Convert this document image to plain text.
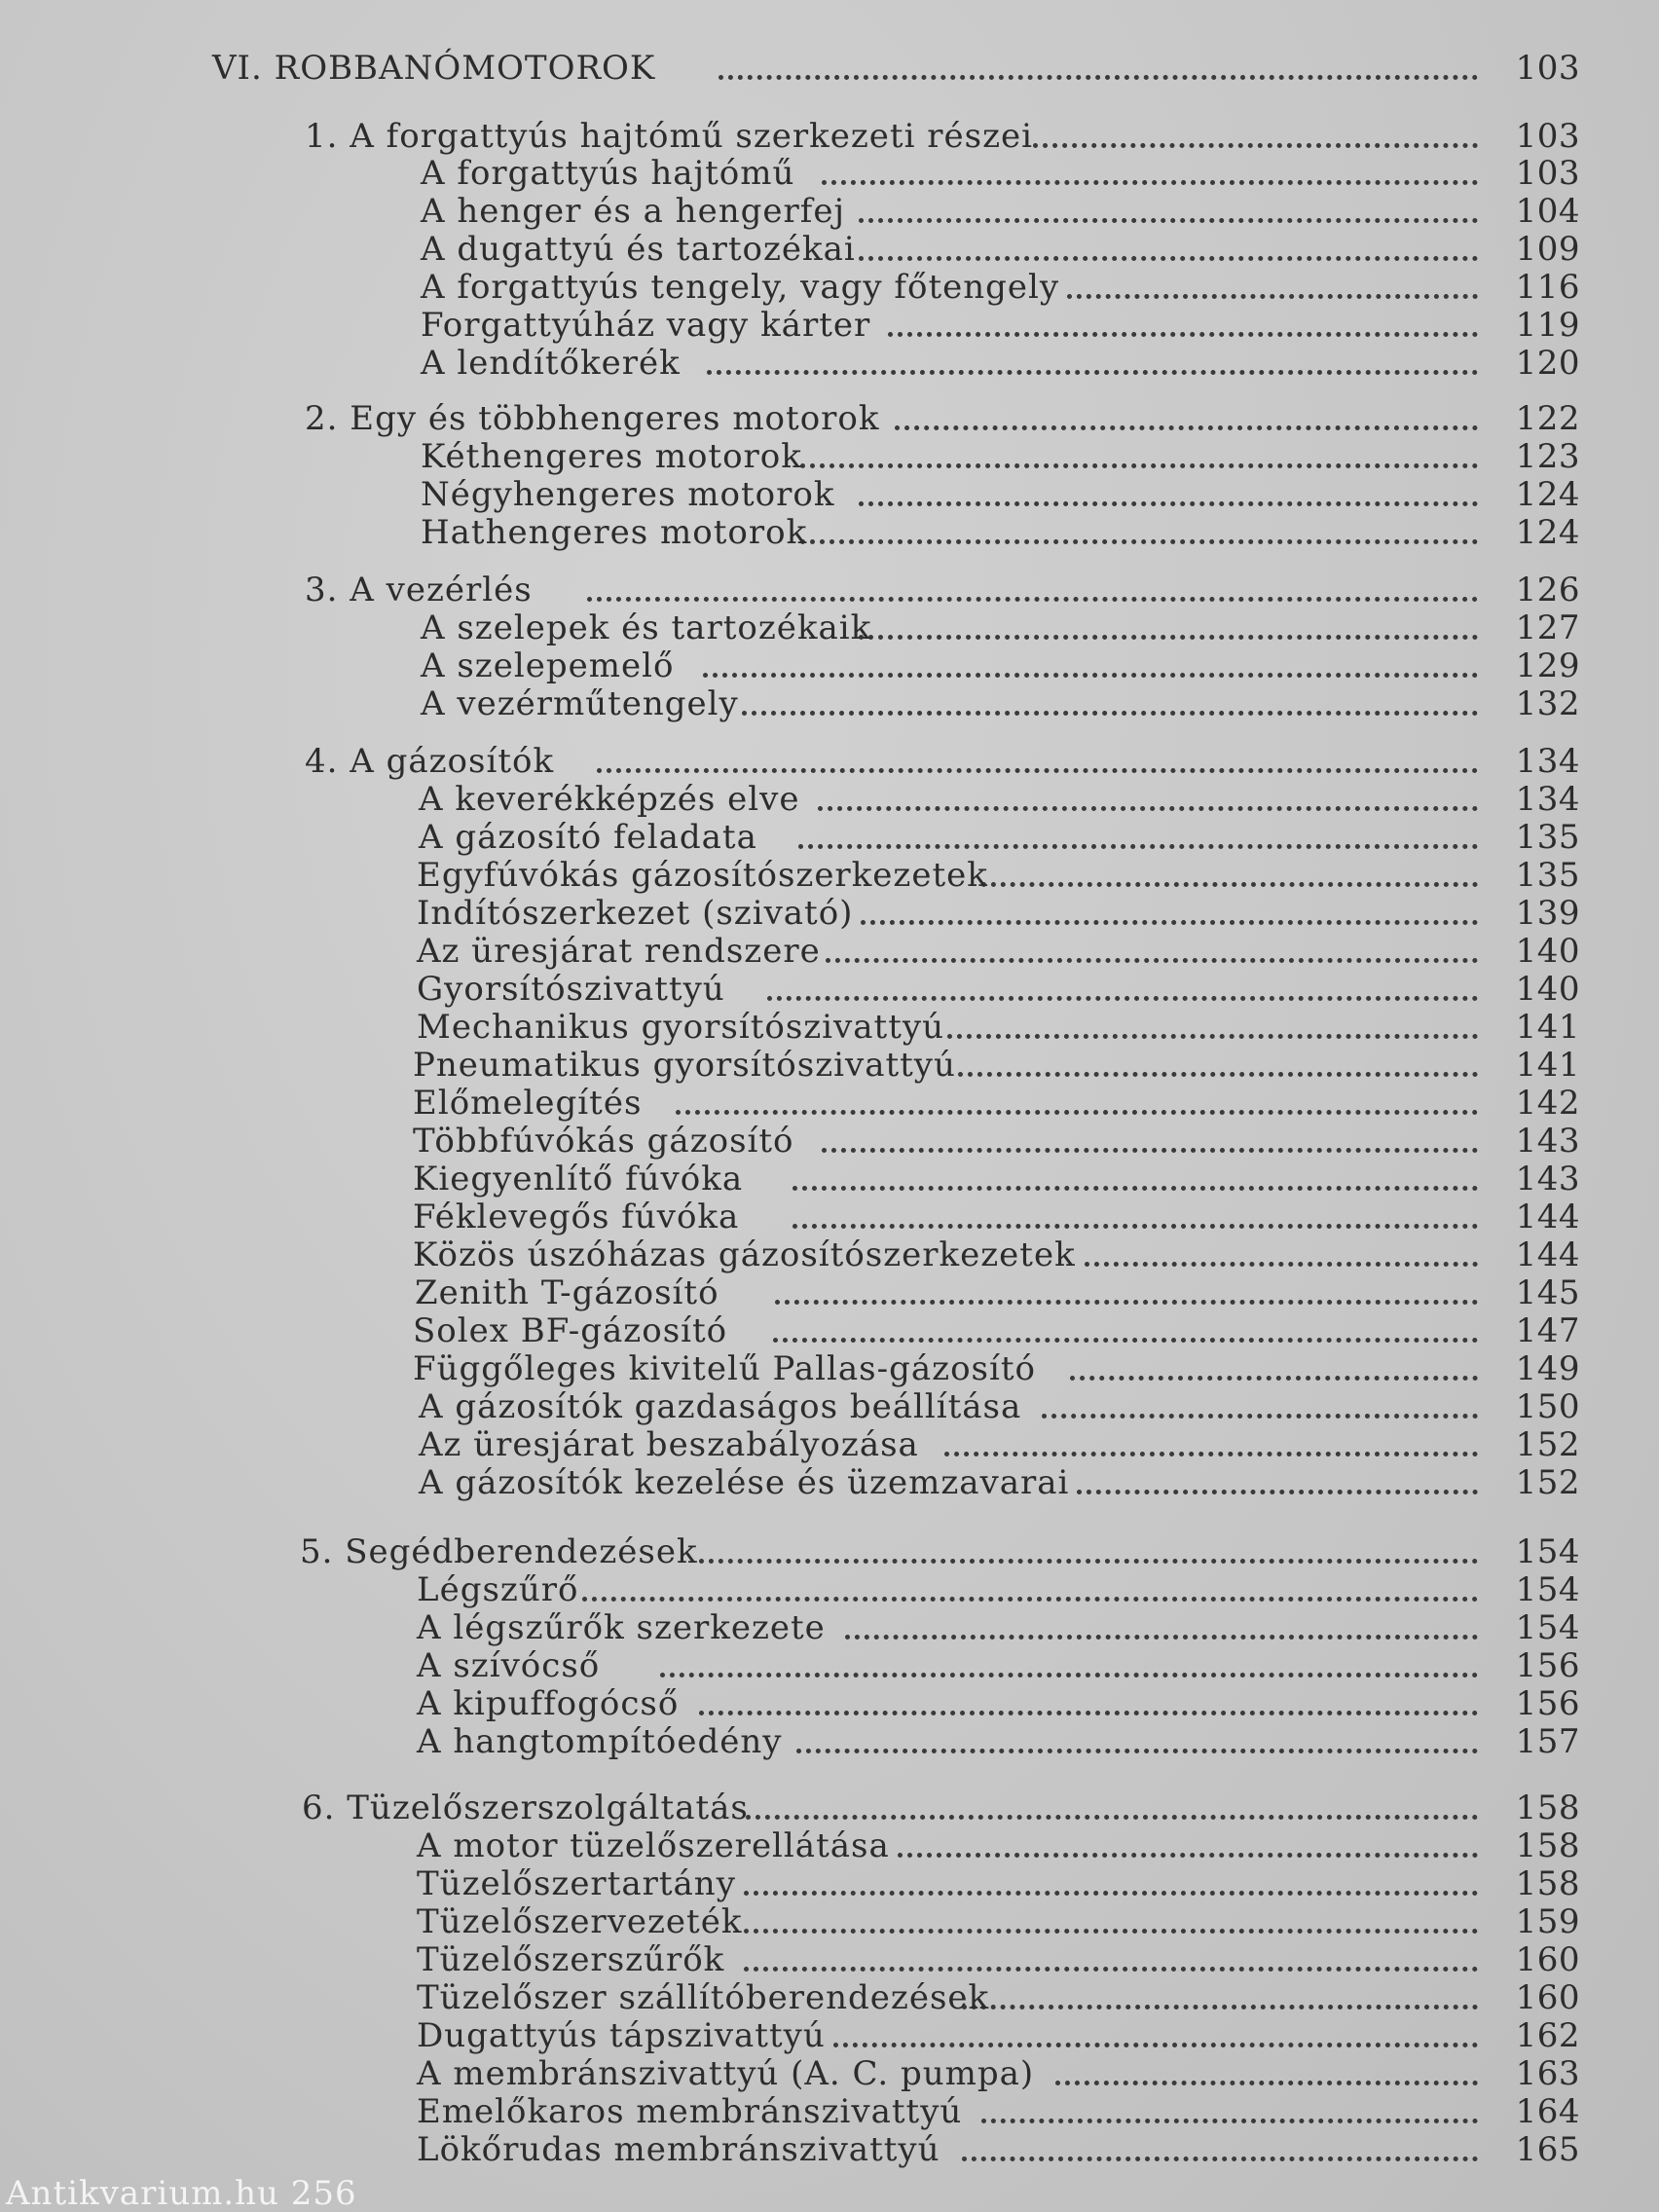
VI. ROBBANÓMOTOROK	103
1. A forgattyús hajtómű szerkezeti részei	103
A forgattyús hajtómű	103
A henger és a hengerfej	104
A dugattyú és tartozékai	109
A forgattyús tengely, vagy főtengely	116
Forgattyúház vagy kárter	119
A lendítőkerék	120
2. Egy és többhengeres motorok	122
Kéthengeres motorok	123
Négyhengeres motorok	124
Hathengeres motorok	124
3. A vezérlés	126
A szelepek és tartozékaik	127
A szelepemelő	129
A vezérműtengely	132
4. A gázosítók	134
A keverékképzés elve	134
A gázosító feladata	135
Egyfúvókás gázosítószerkezetek	135
Indítószerkezet (szivató)	139
Az üresjárat rendszere	140
Gyorsítószivattyú	140
Mechanikus gyorsítószivattyú	141
Pneumatikus gyorsítószivattyú	141
Előmelegítés	142
Többfúvókás gázosító	143
Kiegyenlítő fúvóka	143
Féklevegős fúvóka	144
Közös úszóházas gázosítószerkezetek	144
Zenith T-gázosító	145
Solex BF-gázosító	147
Függőleges kivitelű Pallas-gázosító	149
A gázosítók gazdaságos beállítása	150
Az üresjárat beszabályozása	152
A gázosítók kezelése és üzemzavarai	152
5. Segédberendezések	154
Légszűrő	154
A légszűrők szerkezete	154
A szívócső	156
A kipuffogócső	156
A hangtompítóedény	157
6. Tüzelőszerszolgáltatás	158
A motor tüzelőszerellátása	158
Tüzelőszertartány	158
Tüzelőszervezeték	159
Tüzelőszerszűrők	160
Tüzelőszer szállítóberendezések	160
Dugattyús tápszivattyú	162
A membránszivattyú (A. C. pumpa)	163
Emelőkaros membránszivattyú	164
Lökőrudas membránszivattyú	165
Antikvarium.hu 256
